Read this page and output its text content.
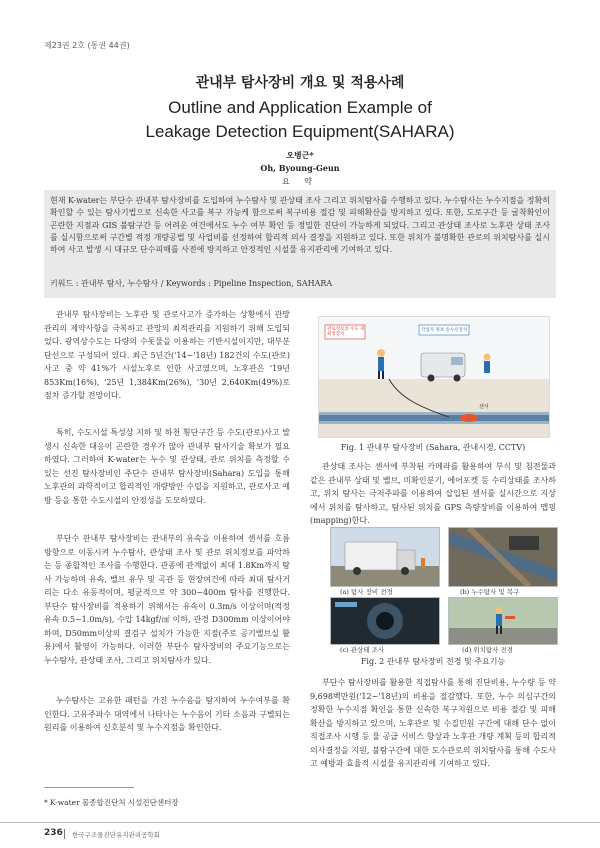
제23권 2호 (통권 44권)
관내부 탐사장비 개요 및 적용사례
Outline and Application Example of
Leakage Detection Equipment(SAHARA)
오병근*
Oh, Byoung-Geun
요 약
현재 K-water는 부단수 관내부 탐사장비를 도입하여 누수탐사 및 관상태 조사 그리고 위치탐사를 수행하고 있다. 누수탐사는 누수지점을 정확히 확인할 수 있는 탐사기법으로 신속한 사고를 복구 가능케 함으로써 복구비용 절감 및 피해확산을 방지하고 있다. 또한, 도로구간 등 굴착확인이 곤란한 지점과 GIS 불탐구간 등 어려운 여건에서도 누수 여부 확인 등 정밀한 진단이 가능하게 되었다. 그리고 관상태 조사로 노후관 상태 조사를 실시함으로써 구간별 적정 개량공법 및 사업비를 선정하여 합리적 의사 결정을 지원하고 있다. 또한 위치가 불명확한 관로의 위치탐사를 실시하여 사고 발생 시 대규모 단수피해를 사전에 방지하고 안정적인 시설물 유지관리에 기여하고 있다.
키워드 : 관내부 탐사, 누수탐사 / Keywords : Pipeline Inspection, SAHARA
관내부 탐사장비는 노후관 및 관로사고가 증가하는 상황에서 관망관리의 제약사항을 극복하고 관망의 최적관리를 지원하기 위해 도입되었다. 광역상수도는 다량의 수돗물을 이용하는 기반시설이지만, 대부분 단선으로 구성되어 있다. 최근 5년간('14~'18년) 182건의 수도(관로)사고 중 약 41%가 시설노후로 인한 사고였으며, 노후관은 '19년 853Km(16%), '25년 1,384Km(26%), '30년 2,640Km(49%)로 점차 증가할 전망이다.
특히, 수도시설 특성상 지하 및 하천 횡단구간 등 수도(관로)사고 발생시 신속한 대응이 곤란한 경우가 많아 관내부 탐사기술 확보가 필요하였다. 그러하여 K-water는 누수 및 관상태, 관로 위치를 측정할 수 있는 선진 탐사장비인 주단수 관내부 탐사장비(Sahara) 도입을 통해 노후관의 과학적이고 합리적인 개량방안 수립을 지원하고, 관로사고 예방 등을 통한 수도시설의 안정성을 도모하였다.
부단수 관내부 탐사장비는 관내부의 유속을 이용하여 센서를 흐름 방향으로 이동시켜 누수탐사, 관상태 조사 및 관로 위치정보를 파악하는 등 종합적인 조사를 수행한다. 관종에 관계없이 최대 1.8Km까지 탐사 가능하며 유속, 밸브 유무 및 곡관 등 현장여건에 따라 최대 탐사거리는 다소 유동적이며, 평균적으로 약 300~400m 탐사를 진행한다. 부단수 탐사장비를 적용하기 위해서는 유속이 0.3m/s 이상이며(적정유속 0.5~1.0m/s), 수압 14kgf/㎠ 이하, 관경 D300mm 이상이어야 하며, D50mm이상의 결검구 설치가 가능한 지점(주로 공기밸브실 활용)에서 활영이 가능하다. 이러한 부단수 탐사장비의 주요기능으로는 누수탐사, 관상태 조사, 그리고 위치탐사가 있다.
누수탐사는 고유한 패턴을 가진 누수음을 탐지하여 누수여부를 확인한다. 고유주파수 대역에서 나타나는 누수음이 기타 소음과 구별되는 원리를 이용하여 신호분석 및 누수지점을 확인한다.
관로정보의 수도 취 최정장치
작업자 정보 송수신장치
센서
Fig. 1 관내부 탐사장비 (Sahara, 관내시경, CCTV)
관상태 조사는 센서에 부착된 카메라를 활용하여 부식 및 침전물과 같은 관내부 상태 및 밸브, 미확인분기, 에어포켓 등 수리상태를 조사하고, 위치 탐사는 극저주파를 이용하여 삽입된 센서를 실시간으로 지상에서 위치를 탐사하고, 탐사된 위치를 GPS 측량장비를 이용하여 맵핑(mapping)한다.
(a) 탐사 장비 전경	(b) 누수탐사 및 복구
(c) 관상태 조사	(d) 위치탐사 전경
Fig. 2 관내부 탐사장비 전경 및 주요기능
부단수 탐사장비를 활용한 직접탐사를 통해 진단비용, 누수량 등 약 9,698백만원('12~'18년)의 비용을 절감했다. 또한, 누수 의심구간의 정확한 누수지점 확인을 통한 신속한 복구지원으로 비용 절감 및 피해확산을 방지하고 있으며, 노후관로 및 수질민원 구간에 대해 단수 없이 직접조사 시행 등 물 공급 서비스 향상과 노후관 개량 계획 등의 합리적 의사결정을 지원, 불탐구간에 대한 도수관로의 위치탐사를 통해 수도사고 예방과 효율적 시설물 유지관리에 기여하고 있다.
* K-water 물종합진단처 시설진단센터장
236 한국구조물진단유지관리공학회
